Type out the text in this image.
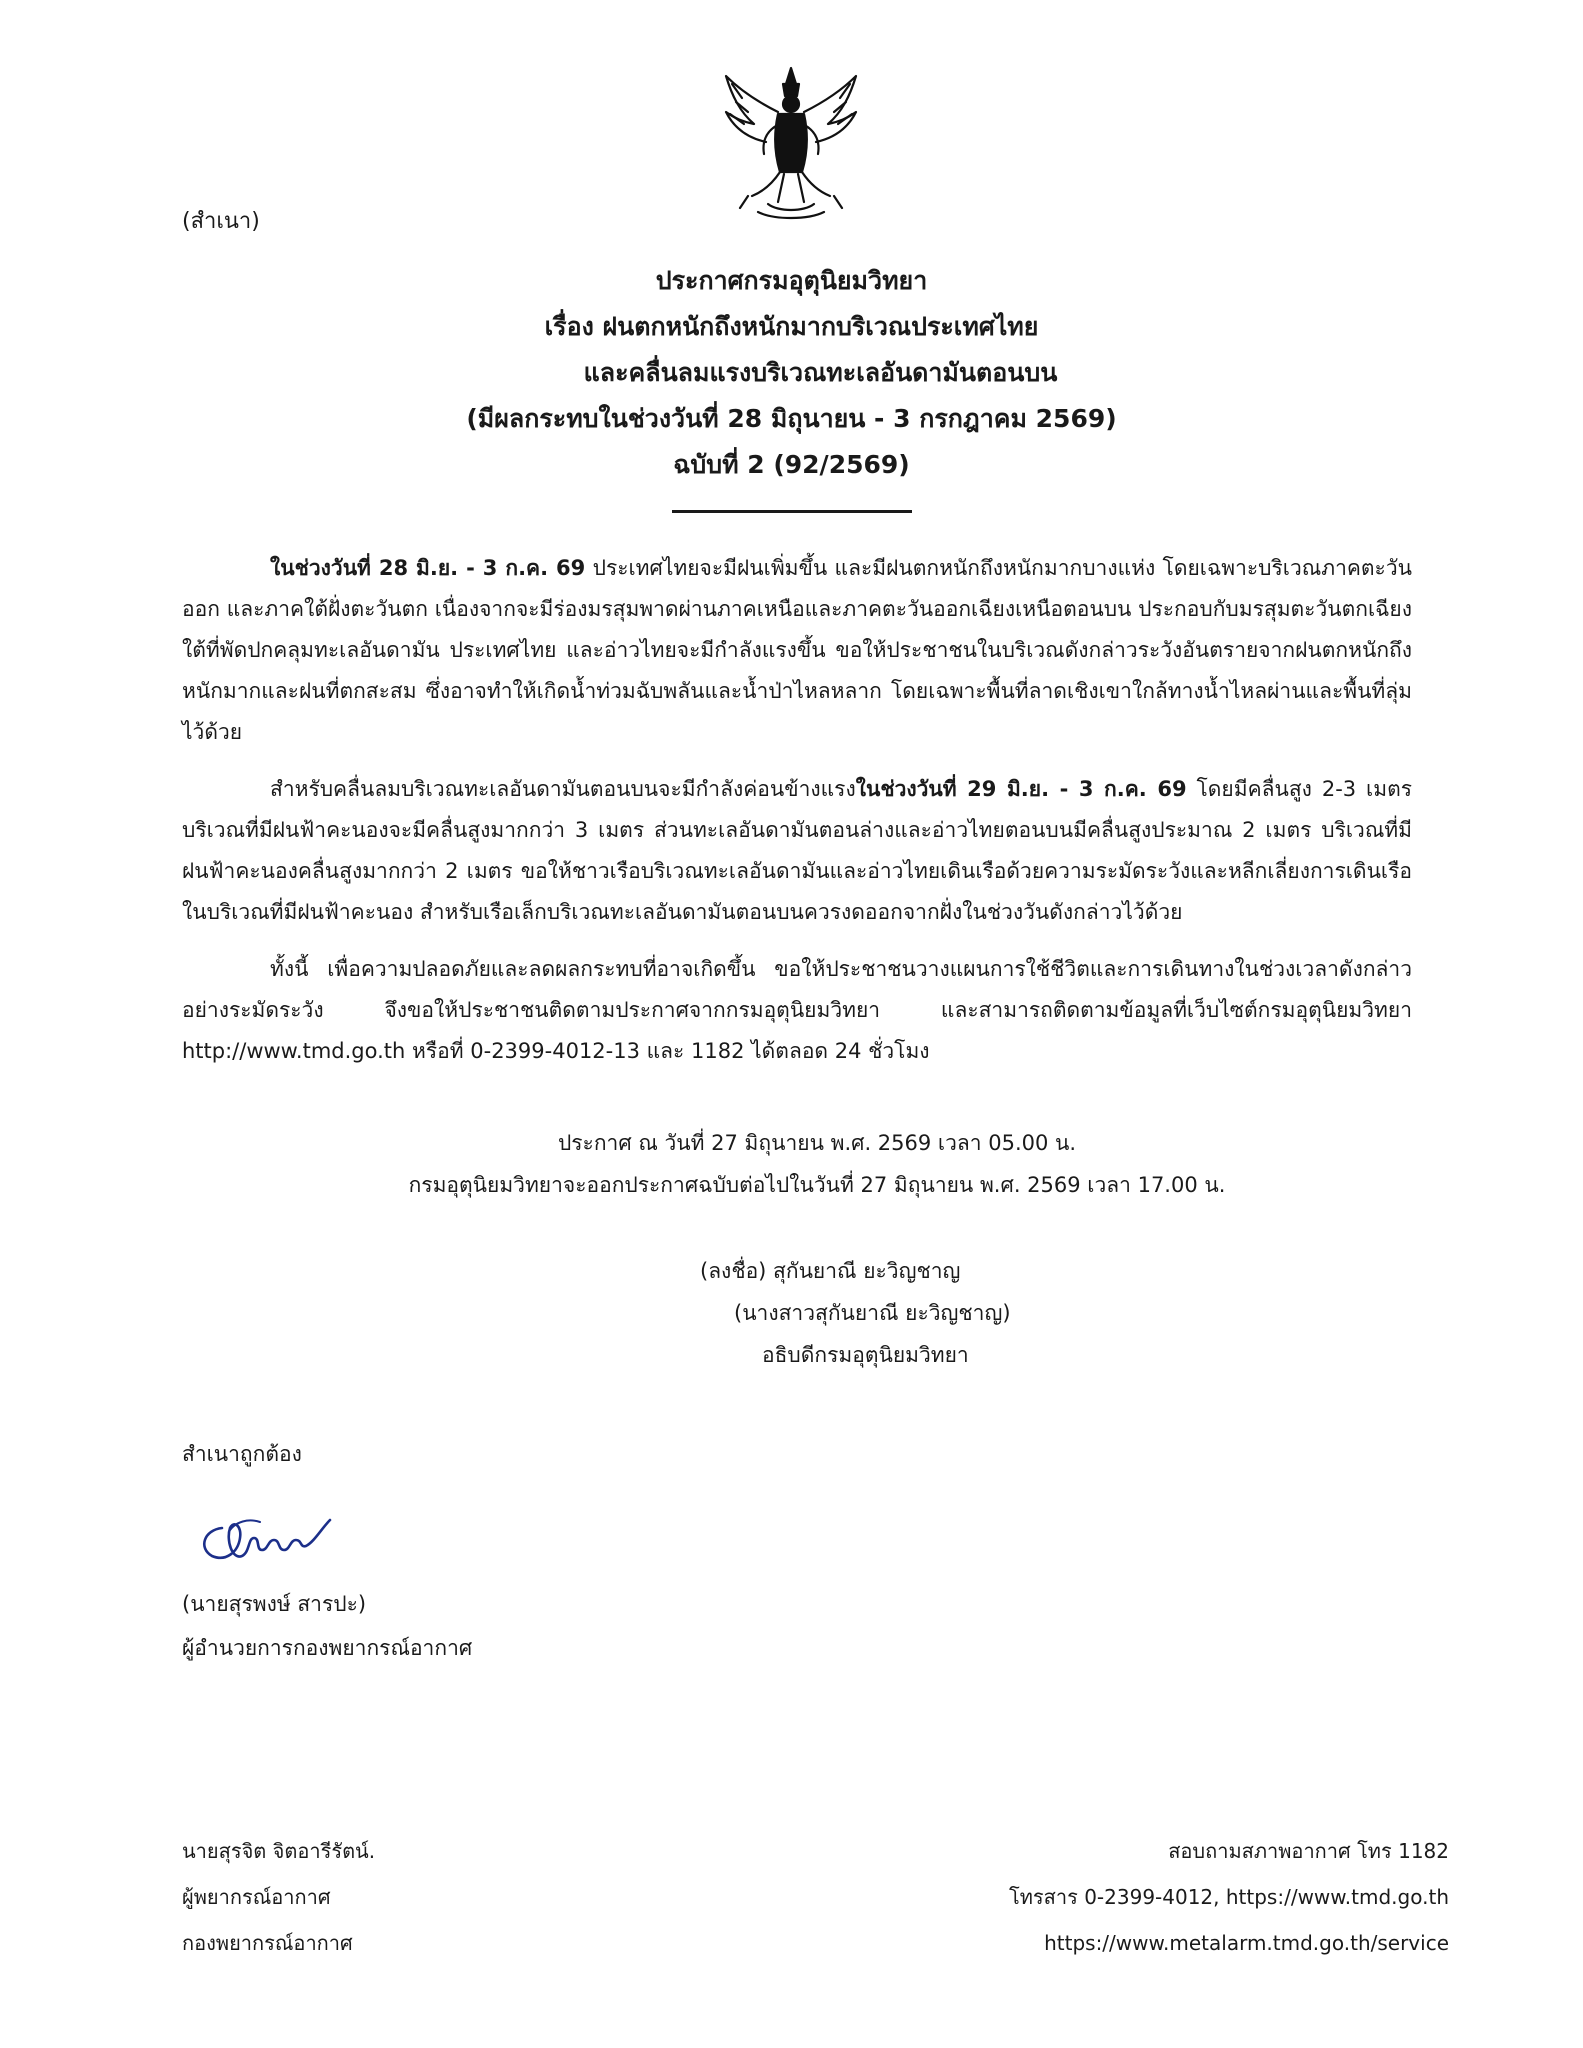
(สำเนา)
ประกาศกรมอุตุนิยมวิทยา
เรื่อง ฝนตกหนักถึงหนักมากบริเวณประเทศไทย
และคลื่นลมแรงบริเวณทะเลอันดามันตอนบน
(มีผลกระทบในช่วงวันที่ 28 มิถุนายน - 3 กรกฎาคม 2569)
ฉบับที่ 2 (92/2569)

ในช่วงวันที่ 28 มิ.ย. - 3 ก.ค. 69 ประเทศไทยจะมีฝนเพิ่มขึ้น และมีฝนตกหนักถึงหนักมากบางแห่ง โดยเฉพาะบริเวณภาคตะวันออก และภาคใต้ฝั่งตะวันตก เนื่องจากจะมีร่องมรสุมพาดผ่านภาคเหนือและภาคตะวันออกเฉียงเหนือตอนบน ประกอบกับมรสุมตะวันตกเฉียงใต้ที่พัดปกคลุมทะเลอันดามัน ประเทศไทย และอ่าวไทยจะมีกำลังแรงขึ้น ขอให้ประชาชนในบริเวณดังกล่าวระวังอันตรายจากฝนตกหนักถึงหนักมากและฝนที่ตกสะสม ซึ่งอาจทำให้เกิดน้ำท่วมฉับพลันและน้ำป่าไหลหลาก โดยเฉพาะพื้นที่ลาดเชิงเขาใกล้ทางน้ำไหลผ่านและพื้นที่ลุ่มไว้ด้วย

สำหรับคลื่นลมบริเวณทะเลอันดามันตอนบนจะมีกำลังค่อนข้างแรงในช่วงวันที่ 29 มิ.ย. - 3 ก.ค. 69 โดยมีคลื่นสูง 2-3 เมตร บริเวณที่มีฝนฟ้าคะนองจะมีคลื่นสูงมากกว่า 3 เมตร ส่วนทะเลอันดามันตอนล่างและอ่าวไทยตอนบนมีคลื่นสูงประมาณ 2 เมตร บริเวณที่มีฝนฟ้าคะนองคลื่นสูงมากกว่า 2 เมตร ขอให้ชาวเรือบริเวณทะเลอันดามันและอ่าวไทยเดินเรือด้วยความระมัดระวังและหลีกเลี่ยงการเดินเรือในบริเวณที่มีฝนฟ้าคะนอง สำหรับเรือเล็กบริเวณทะเลอันดามันตอนบนควรงดออกจากฝั่งในช่วงวันดังกล่าวไว้ด้วย

ทั้งนี้ เพื่อความปลอดภัยและลดผลกระทบที่อาจเกิดขึ้น ขอให้ประชาชนวางแผนการใช้ชีวิตและการเดินทางในช่วงเวลาดังกล่าวอย่างระมัดระวัง จึงขอให้ประชาชนติดตามประกาศจากกรมอุตุนิยมวิทยา และสามารถติดตามข้อมูลที่เว็บไซต์กรมอุตุนิยมวิทยา http://www.tmd.go.th หรือที่ 0-2399-4012-13 และ 1182 ได้ตลอด 24 ชั่วโมง

ประกาศ ณ วันที่ 27 มิถุนายน พ.ศ. 2569 เวลา 05.00 น.
กรมอุตุนิยมวิทยาจะออกประกาศฉบับต่อไปในวันที่ 27 มิถุนายน พ.ศ. 2569 เวลา 17.00 น.
(ลงชื่อ) สุกันยาณี ยะวิญชาญ
(นางสาวสุกันยาณี ยะวิญชาญ)
อธิบดีกรมอุตุนิยมวิทยา
สำเนาถูกต้อง
(นายสุรพงษ์ สารปะ)
ผู้อำนวยการกองพยากรณ์อากาศ
นายสุรจิต จิตอารีรัตน์.
ผู้พยากรณ์อากาศ
กองพยากรณ์อากาศ
สอบถามสภาพอากาศ โทร 1182
โทรสาร 0-2399-4012, https://www.tmd.go.th
https://www.metalarm.tmd.go.th/service
